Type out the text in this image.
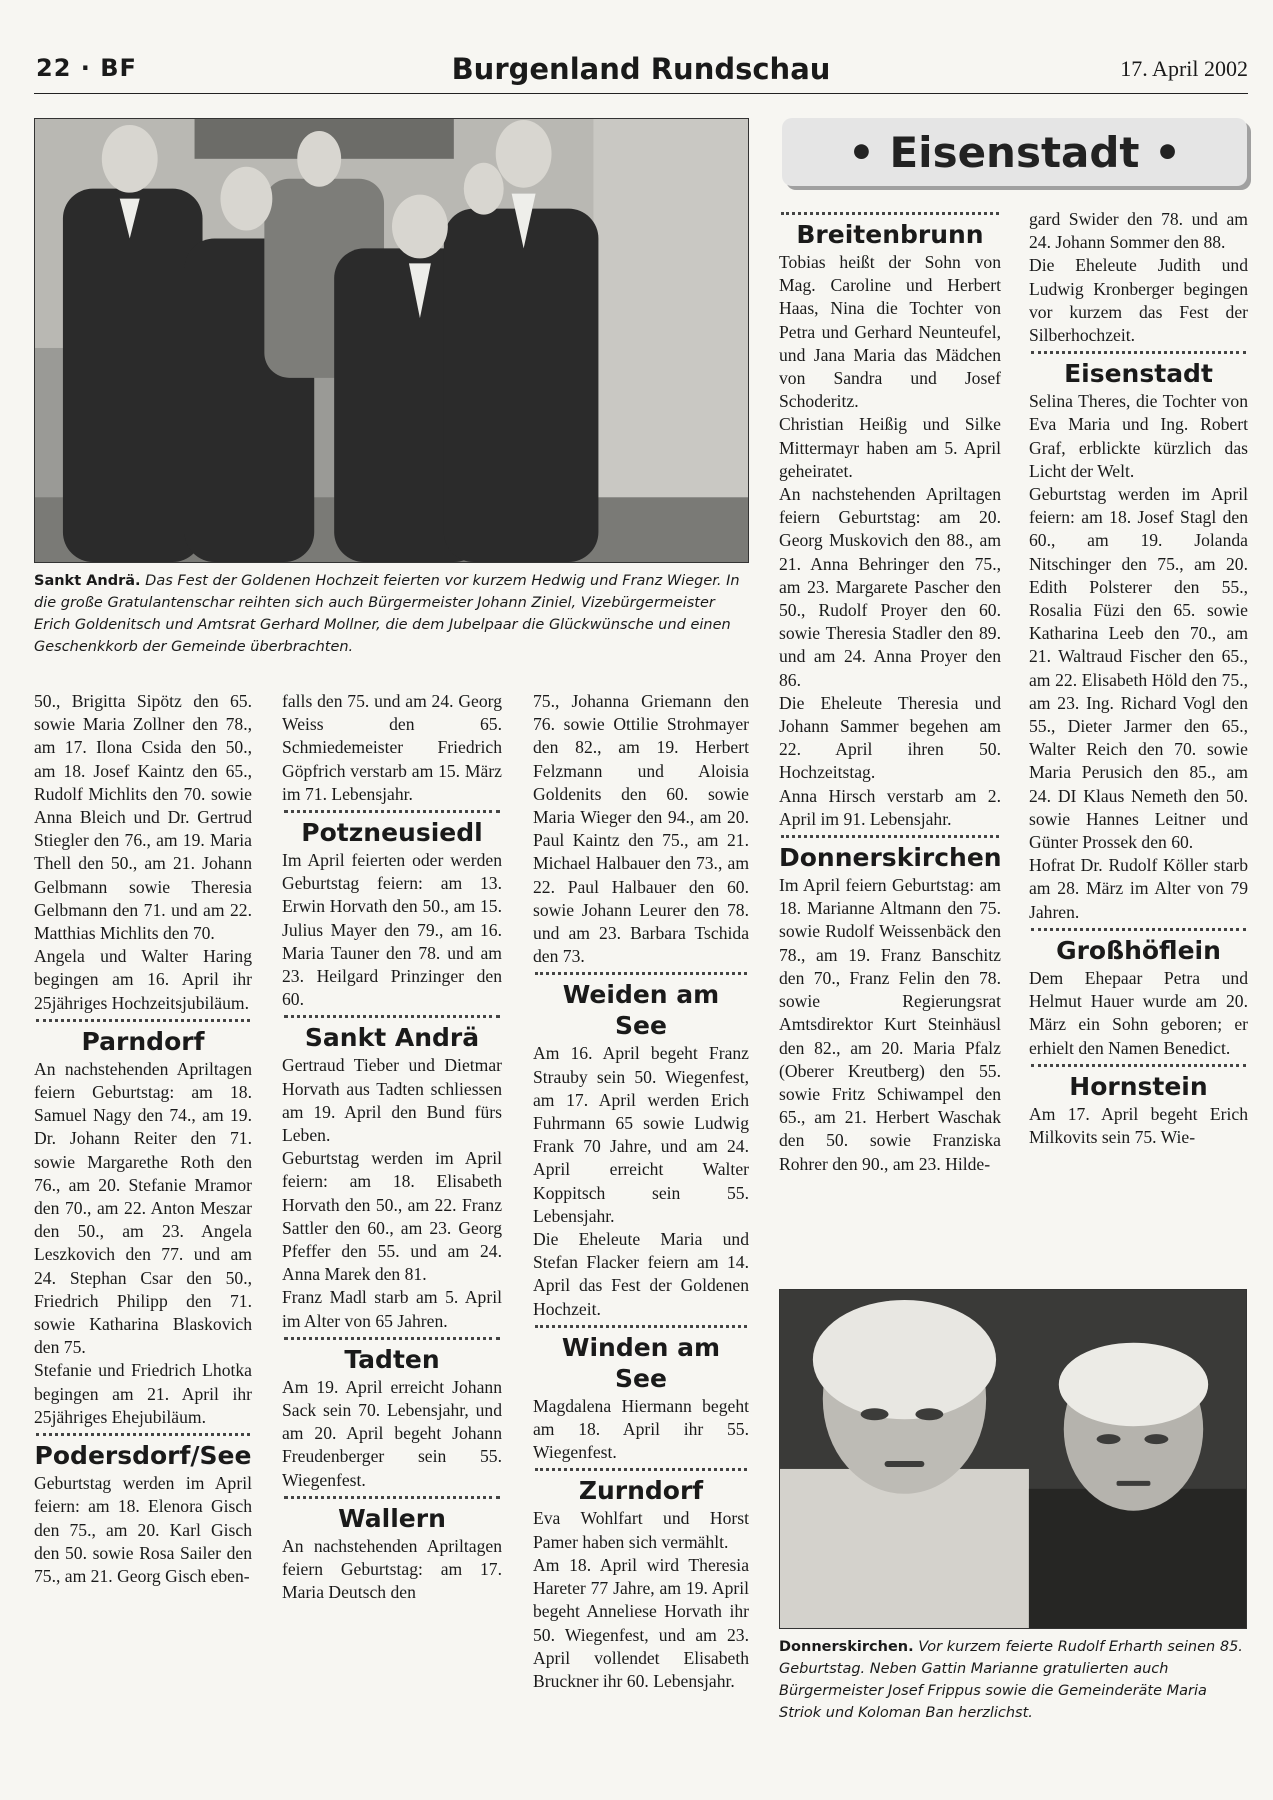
22 · BF	Burgenland Rundschau	17. April 2002
Sankt Andrä. Das Fest der Goldenen Hochzeit feierten vor kurzem Hedwig und Franz Wieger. In die große Gratulantenschar reihten sich auch Bürgermeister Johann Ziniel, Vizebürgermeister Erich Goldenitsch und Amtsrat Gerhard Mollner, die dem Jubelpaar die Glückwünsche und einen Geschenkkorb der Gemeinde überbrachten.
• Eisenstadt •

50., Brigitta Sipötz den 65. sowie Maria Zollner den 78., am 17. Ilona Csida den 50., am 18. Josef Kaintz den 65., Rudolf Michlits den 70. sowie Anna Bleich und Dr. Gertrud Stiegler den 76., am 19. Maria Thell den 50., am 21. Johann Gelbmann sowie Theresia Gelbmann den 71. und am 22. Matthias Michlits den 70.

Angela und Walter Haring begingen am 16. April ihr 25jähriges Hochzeitsjubiläum.

Parndorf

An nachstehenden Apriltagen feiern Geburtstag: am 18. Samuel Nagy den 74., am 19. Dr. Johann Reiter den 71. sowie Margarethe Roth den 76., am 20. Stefanie Mramor den 70., am 22. Anton Meszar den 50., am 23. Angela Leszkovich den 77. und am 24. Stephan Csar den 50., Friedrich Philipp den 71. sowie Katharina Blaskovich den 75.

Stefanie und Friedrich Lhotka begingen am 21. April ihr 25jähriges Ehejubiläum.

Podersdorf/See

Geburtstag werden im April feiern: am 18. Elenora Gisch den 75., am 20. Karl Gisch den 50. sowie Rosa Sailer den 75., am 21. Georg Gisch eben-

falls den 75. und am 24. Georg Weiss den 65. Schmiedemeister Friedrich Göpfrich verstarb am 15. März im 71. Lebensjahr.

Potzneusiedl

Im April feierten oder werden Geburtstag feiern: am 13. Erwin Horvath den 50., am 15. Julius Mayer den 79., am 16. Maria Tauner den 78. und am 23. Heilgard Prinzinger den 60.

Sankt Andrä

Gertraud Tieber und Dietmar Horvath aus Tadten schliessen am 19. April den Bund fürs Leben.

Geburtstag werden im April feiern: am 18. Elisabeth Horvath den 50., am 22. Franz Sattler den 60., am 23. Georg Pfeffer den 55. und am 24. Anna Marek den 81.

Franz Madl starb am 5. April im Alter von 65 Jahren.

Tadten

Am 19. April erreicht Johann Sack sein 70. Lebensjahr, und am 20. April begeht Johann Freudenberger sein 55. Wiegenfest.

Wallern

An nachstehenden Apriltagen feiern Geburtstag: am 17. Maria Deutsch den

75., Johanna Griemann den 76. sowie Ottilie Strohmayer den 82., am 19. Herbert Felzmann und Aloisia Goldenits den 60. sowie Maria Wieger den 94., am 20. Paul Kaintz den 75., am 21. Michael Halbauer den 73., am 22. Paul Halbauer den 60. sowie Johann Leurer den 78. und am 23. Barbara Tschida den 73.

Weiden am See

Am 16. April begeht Franz Strauby sein 50. Wiegenfest, am 17. April werden Erich Fuhrmann 65 sowie Ludwig Frank 70 Jahre, und am 24. April erreicht Walter Koppitsch sein 55. Lebensjahr.

Die Eheleute Maria und Stefan Flacker feiern am 14. April das Fest der Goldenen Hochzeit.

Winden am See

Magdalena Hiermann begeht am 18. April ihr 55. Wiegenfest.

Zurndorf

Eva Wohlfart und Horst Pamer haben sich vermählt.

Am 18. April wird Theresia Hareter 77 Jahre, am 19. April begeht Anneliese Horvath ihr 50. Wiegenfest, und am 23. April vollendet Elisabeth Bruckner ihr 60. Lebensjahr.

Breitenbrunn

Tobias heißt der Sohn von Mag. Caroline und Herbert Haas, Nina die Tochter von Petra und Gerhard Neunteufel, und Jana Maria das Mädchen von Sandra und Josef Schoderitz.

Christian Heißig und Silke Mittermayr haben am 5. April geheiratet.

An nachstehenden Apriltagen feiern Geburtstag: am 20. Georg Muskovich den 88., am 21. Anna Behringer den 75., am 23. Margarete Pascher den 50., Rudolf Proyer den 60. sowie Theresia Stadler den 89. und am 24. Anna Proyer den 86.

Die Eheleute Theresia und Johann Sammer begehen am 22. April ihren 50. Hochzeitstag.

Anna Hirsch verstarb am 2. April im 91. Lebensjahr.

Donnerskirchen

Im April feiern Geburtstag: am 18. Marianne Altmann den 75. sowie Rudolf Weissenbäck den 78., am 19. Franz Banschitz den 70., Franz Felin den 78. sowie Regierungsrat Amtsdirektor Kurt Steinhäusl den 82., am 20. Maria Pfalz (Oberer Kreutberg) den 55. sowie Fritz Schiwampel den 65., am 21. Herbert Waschak den 50. sowie Franziska Rohrer den 90., am 23. Hilde-

gard Swider den 78. und am 24. Johann Sommer den 88.

Die Eheleute Judith und Ludwig Kronberger begingen vor kurzem das Fest der Silberhochzeit.

Eisenstadt

Selina Theres, die Tochter von Eva Maria und Ing. Robert Graf, erblickte kürzlich das Licht der Welt.

Geburtstag werden im April feiern: am 18. Josef Stagl den 60., am 19. Jolanda Nitschinger den 75., am 20. Edith Polsterer den 55., Rosalia Füzi den 65. sowie Katharina Leeb den 70., am 21. Waltraud Fischer den 65., am 22. Elisabeth Höld den 75., am 23. Ing. Richard Vogl den 55., Dieter Jarmer den 65., Walter Reich den 70. sowie Maria Perusich den 85., am 24. DI Klaus Nemeth den 50. sowie Hannes Leitner und Günter Prossek den 60.

Hofrat Dr. Rudolf Köller starb am 28. März im Alter von 79 Jahren.

Großhöflein

Dem Ehepaar Petra und Helmut Hauer wurde am 20. März ein Sohn geboren; er erhielt den Namen Benedict.

Hornstein

Am 17. April begeht Erich Milkovits sein 75. Wie-

Donnerskirchen. Vor kurzem feierte Rudolf Erharth seinen 85. Geburtstag. Neben Gattin Marianne gratulierten auch Bürgermeister Josef Frippus sowie die Gemeinderäte Maria Striok und Koloman Ban herzlichst.
